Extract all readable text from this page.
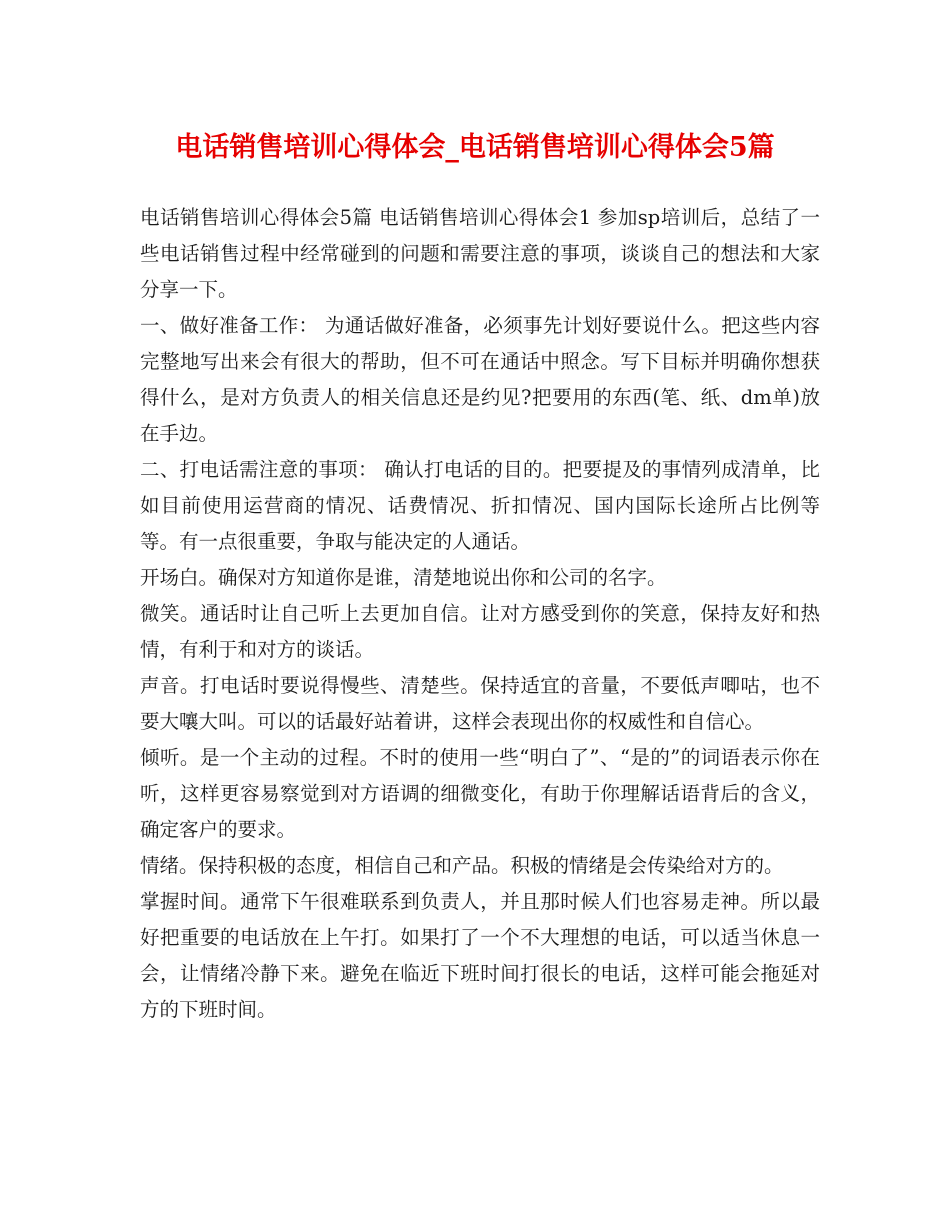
电话销售培训心得体会_电话销售培训心得体会5篇

电话销售培训心得体会5篇 电话销售培训心得体会1 参加sp培训后，总结了一些电话销售过程中经常碰到的问题和需要注意的事项，谈谈自己的想法和大家分享一下。

一、做好准备工作： 为通话做好准备，必须事先计划好要说什么。把这些内容完整地写出来会有很大的帮助，但不可在通话中照念。写下目标并明确你想获得什么，是对方负责人的相关信息还是约见?把要用的东西(笔、纸、dm单)放在手边。

二、打电话需注意的事项： 确认打电话的目的。把要提及的事情列成清单，比如目前使用运营商的情况、话费情况、折扣情况、国内国际长途所占比例等等。有一点很重要，争取与能决定的人通话。

开场白。确保对方知道你是谁，清楚地说出你和公司的名字。

微笑。通话时让自己听上去更加自信。让对方感受到你的笑意，保持友好和热情，有利于和对方的谈话。

声音。打电话时要说得慢些、清楚些。保持适宜的音量，不要低声唧咕，也不要大嚷大叫。可以的话最好站着讲，这样会表现出你的权威性和自信心。

倾听。是一个主动的过程。不时的使用一些“明白了”、“是的”的词语表示你在听，这样更容易察觉到对方语调的细微变化，有助于你理解话语背后的含义，确定客户的要求。

情绪。保持积极的态度，相信自己和产品。积极的情绪是会传染给对方的。

掌握时间。通常下午很难联系到负责人，并且那时候人们也容易走神。所以最好把重要的电话放在上午打。如果打了一个不大理想的电话，可以适当休息一会，让情绪冷静下来。避免在临近下班时间打很长的电话，这样可能会拖延对方的下班时间。
